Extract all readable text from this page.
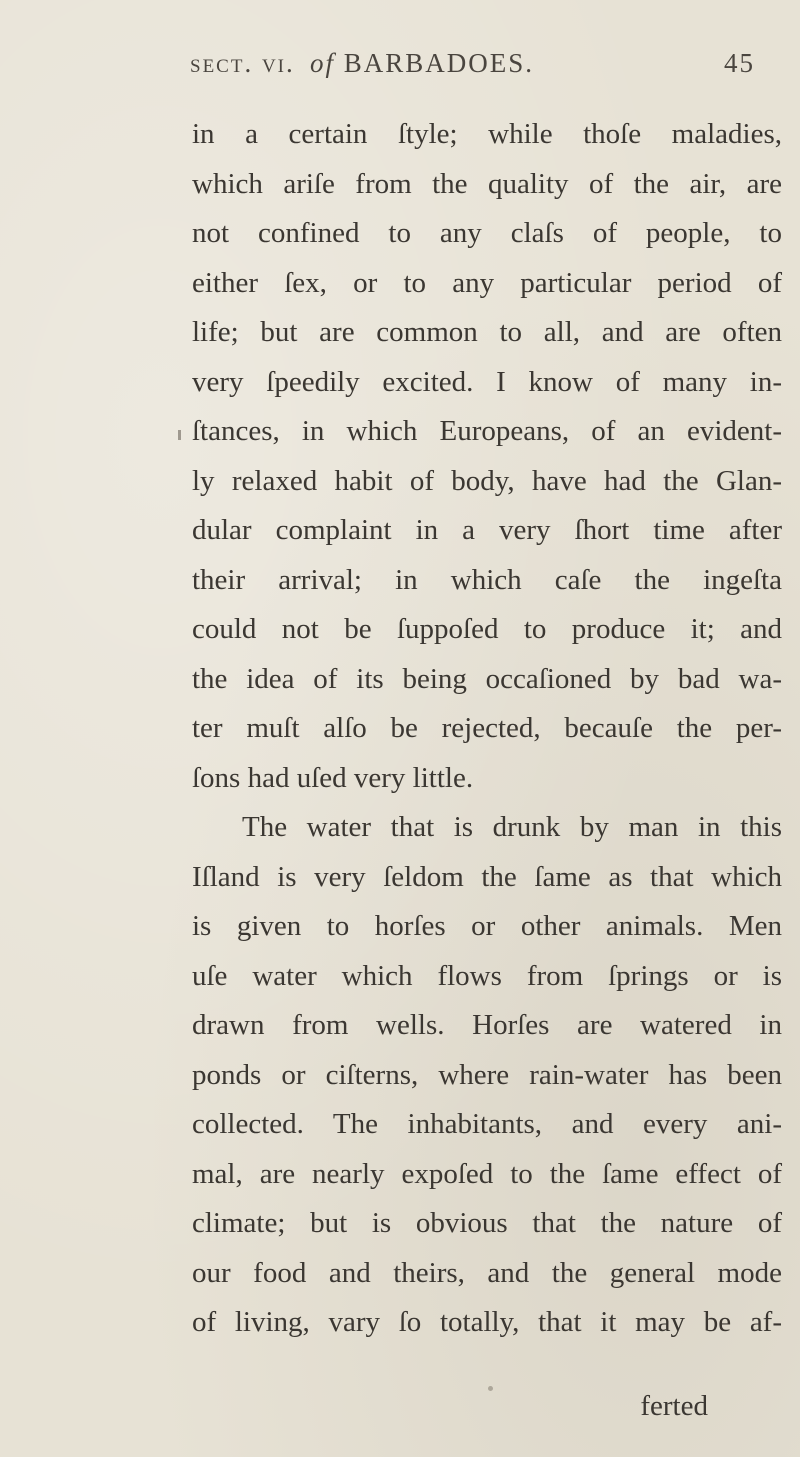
sect. vi. of BARBADOES.	45
in a certain ſtyle; while thoſe maladies,
which ariſe from the quality of the air, are
not confined to any claſs of people, to
either ſex, or to any particular period of
life; but are common to all, and are often
very ſpeedily excited. I know of many in-
ſtances, in which Europeans, of an evident-
ly relaxed habit of body, have had the Glan-
dular complaint in a very ſhort time after
their arrival; in which caſe the ingeſta
could not be ſuppoſed to produce it; and
the idea of its being occaſioned by bad wa-
ter muſt alſo be rejected, becauſe the per-
ſons had uſed very little.
The water that is drunk by man in this
Iſland is very ſeldom the ſame as that which
is given to horſes or other animals. Men
uſe water which flows from ſprings or is
drawn from wells. Horſes are watered in
ponds or ciſterns, where rain-water has been
collected. The inhabitants, and every ani-
mal, are nearly expoſed to the ſame effect of
climate; but is obvious that the nature of
our food and theirs, and the general mode
of living, vary ſo totally, that it may be af-
ferted
